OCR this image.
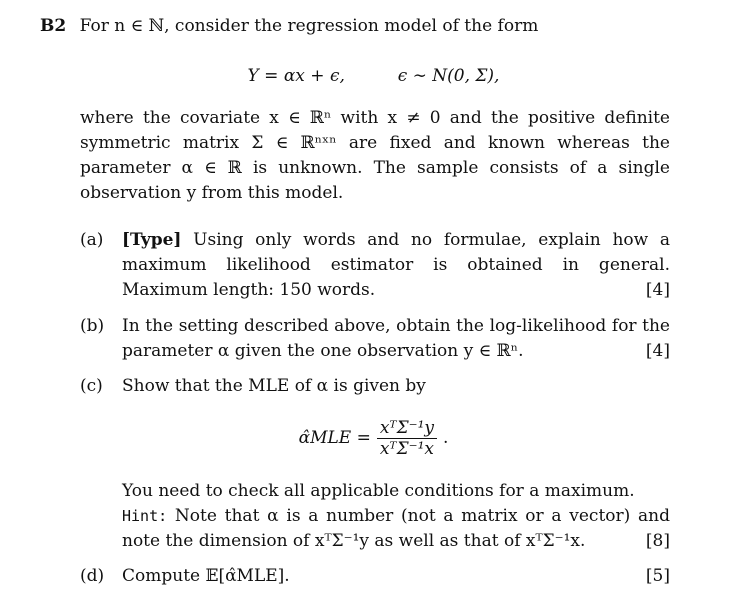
B2 For n ∈ ℕ, consider the regression model of the form
Y = αx + ϵ,	ϵ ∼ N(0, Σ),

where the covariate x ∈ ℝⁿ with x ≠ 0 and the positive definite symmetric matrix Σ ∈ ℝⁿˣⁿ are fixed and known whereas the parameter α ∈ ℝ is unknown. The sample consists of a single observation y from this model.

(a) [Type] Using only words and no formulae, explain how a maximum likelihood estimator is obtained in general. Maximum length: 150 words.	[4]
(b) In the setting described above, obtain the log-likelihood for the parameter α given the one observation y ∈ ℝⁿ.	[4]
(c) Show that the MLE of α is given by
α̂MLE = $\frac{\text{xᵀΣ⁻¹y}}{\text{xᵀΣ⁻¹x}}$ .
You need to check all applicable conditions for a maximum.
Hint: Note that α is a number (not a matrix or a vector) and note the dimension of xᵀΣ⁻¹y as well as that of xᵀΣ⁻¹x.	[8]
(d) Compute 𝔼[α̂MLE].	[5]
